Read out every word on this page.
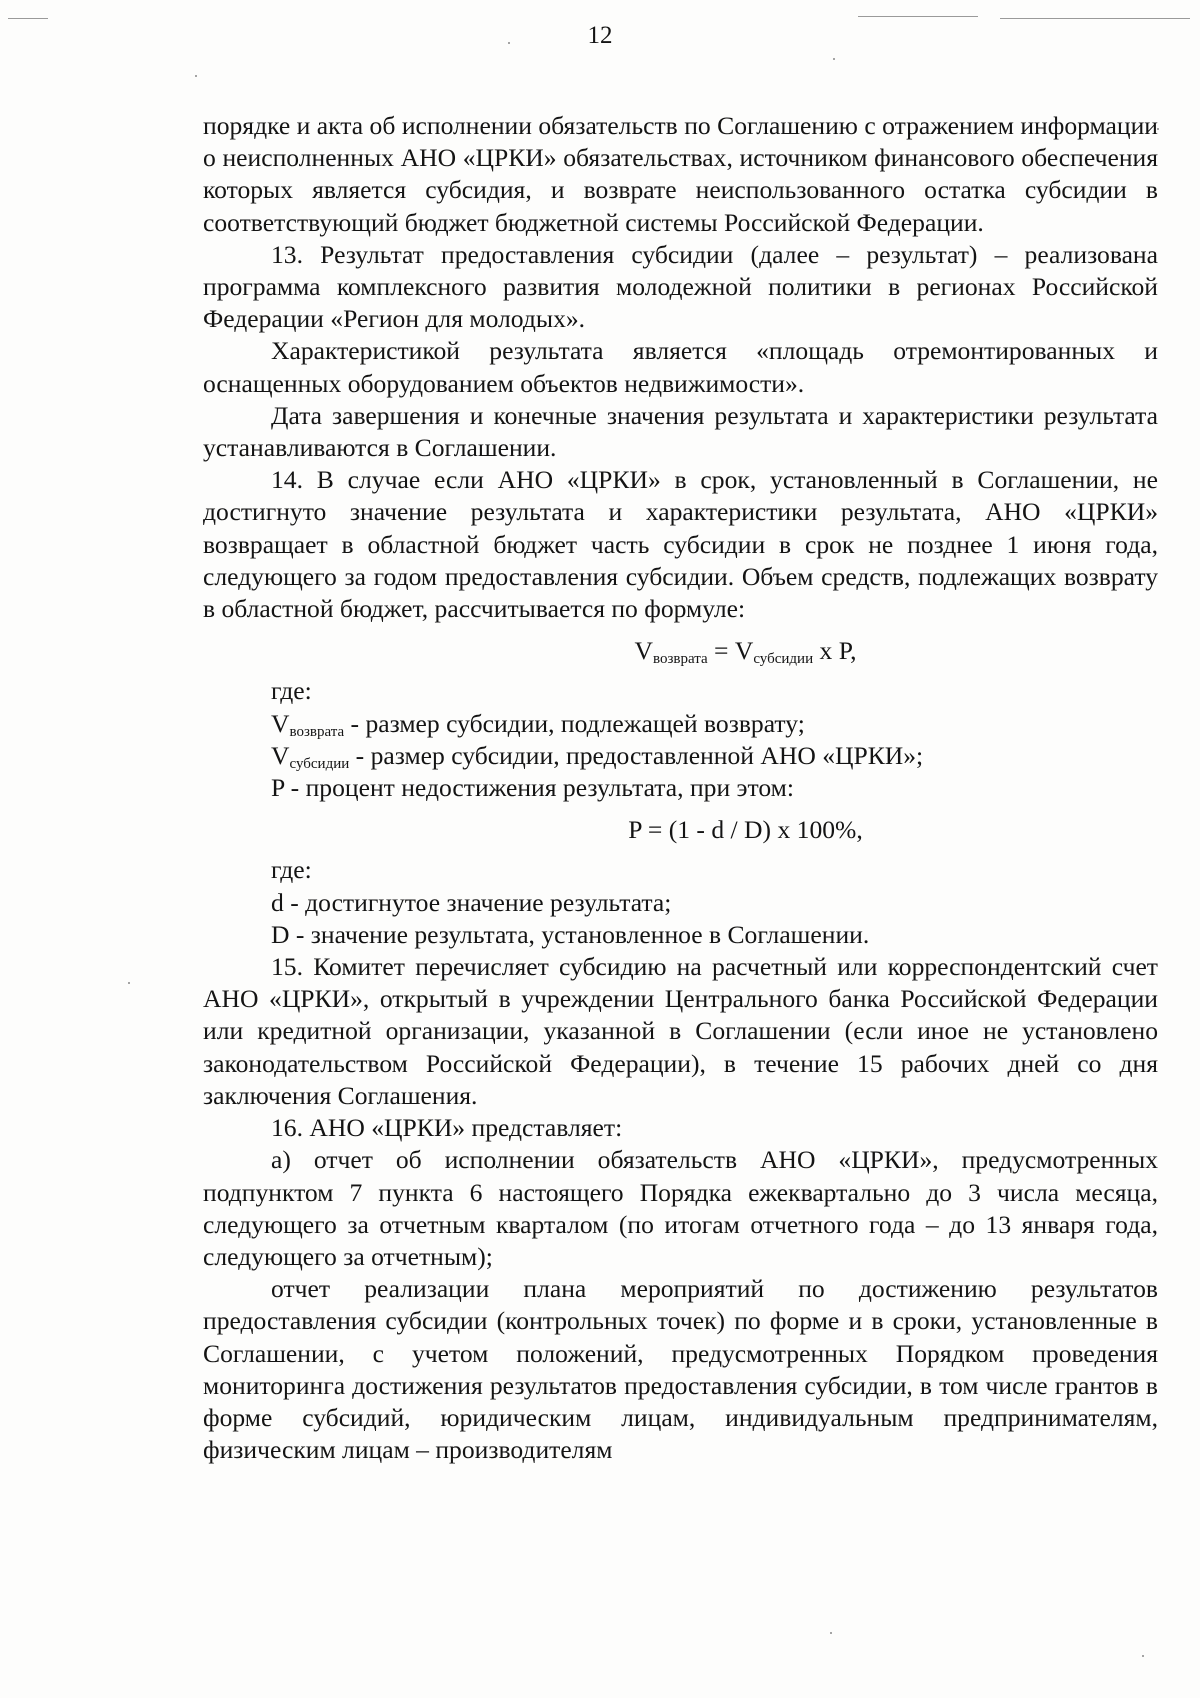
12

порядке и акта об исполнении обязательств по Соглашению с отражением информации о неисполненных АНО «ЦРКИ» обязательствах, источником финансового обеспечения которых является субсидия, и возврате неиспользованного остатка субсидии в соответствующий бюджет бюджетной системы Российской Федерации.

13. Результат предоставления субсидии (далее – результат) – реализована программа комплексного развития молодежной политики в регионах Российской Федерации «Регион для молодых».

Характеристикой результата является «площадь отремонтированных и оснащенных оборудованием объектов недвижимости».

Дата завершения и конечные значения результата и характеристики результата устанавливаются в Соглашении.

14. В случае если АНО «ЦРКИ» в срок, установленный в Соглашении, не достигнуто значение результата и характеристики результата, АНО «ЦРКИ» возвращает в областной бюджет часть субсидии в срок не позднее 1 июня года, следующего за годом предоставления субсидии. Объем средств, подлежащих возврату в областной бюджет, рассчитывается по формуле:

$V_{возврата} = V_{субсидии}$ x P,

где:

$V_{возврата}$ - размер субсидии, подлежащей возврату;

$V_{субсидии}$ - размер субсидии, предоставленной АНО «ЦРКИ»;

P - процент недостижения результата, при этом:

P = (1 - d / D) x 100%,

где:

d - достигнутое значение результата;

D - значение результата, установленное в Соглашении.

15. Комитет перечисляет субсидию на расчетный или корреспондентский счет АНО «ЦРКИ», открытый в учреждении Центрального банка Российской Федерации или кредитной организации, указанной в Соглашении (если иное не установлено законодательством Российской Федерации), в течение 15 рабочих дней со дня заключения Соглашения.

16. АНО «ЦРКИ» представляет:

а) отчет об исполнении обязательств АНО «ЦРКИ», предусмотренных подпунктом 7 пункта 6 настоящего Порядка ежеквартально до 3 числа месяца, следующего за отчетным кварталом (по итогам отчетного года – до 13 января года, следующего за отчетным);

отчет реализации плана мероприятий по достижению результатов предоставления субсидии (контрольных точек) по форме и в сроки, установленные в Соглашении, с учетом положений, предусмотренных Порядком проведения мониторинга достижения результатов предоставления субсидии, в том числе грантов в форме субсидий, юридическим лицам, индивидуальным предпринимателям, физическим лицам – производителям
